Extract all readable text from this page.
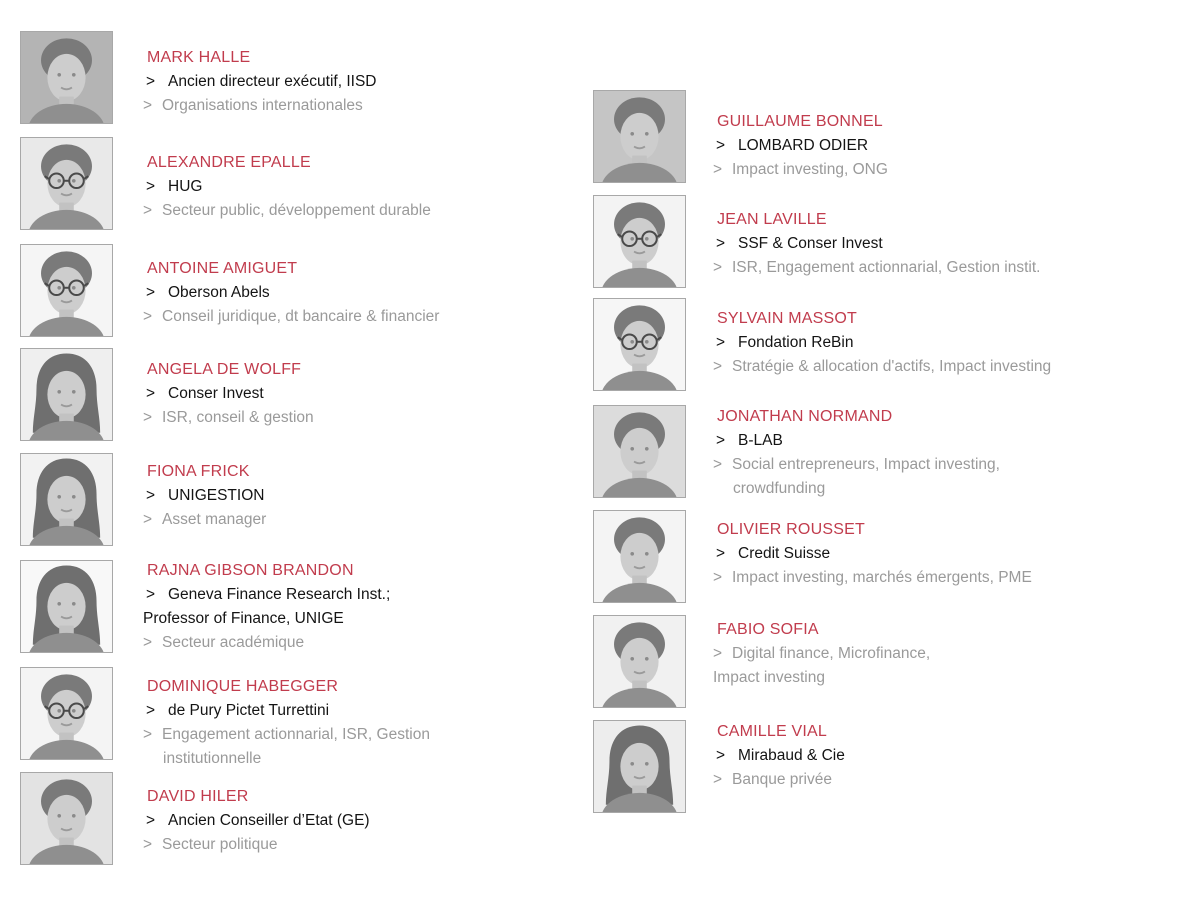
MARK HALLE
> Ancien directeur exécutif, IISD
> Organisations internationales
ALEXANDRE EPALLE
> HUG
> Secteur public, développement durable
ANTOINE AMIGUET
> Oberson Abels
> Conseil juridique, dt bancaire & financier
ANGELA DE WOLFF
> Conser Invest
> ISR, conseil & gestion
FIONA FRICK
> UNIGESTION
> Asset manager
RAJNA GIBSON BRANDON
> Geneva Finance Research Inst.;
Professor of Finance, UNIGE
> Secteur académique
DOMINIQUE HABEGGER
> de Pury Pictet Turrettini
> Engagement actionnarial, ISR, Gestion
institutionnelle
DAVID HILER
> Ancien Conseiller d’Etat (GE)
> Secteur politique
GUILLAUME BONNEL
> LOMBARD ODIER
> Impact investing, ONG
JEAN LAVILLE
> SSF & Conser Invest
> ISR, Engagement actionnarial, Gestion instit.
SYLVAIN MASSOT
> Fondation ReBin
> Stratégie & allocation d'actifs, Impact investing
JONATHAN NORMAND
> B-LAB
> Social entrepreneurs, Impact investing,
crowdfunding
OLIVIER ROUSSET
> Credit Suisse
> Impact investing, marchés émergents, PME
FABIO SOFIA
> Digital finance, Microfinance,
Impact investing
CAMILLE VIAL
> Mirabaud & Cie
> Banque privée
